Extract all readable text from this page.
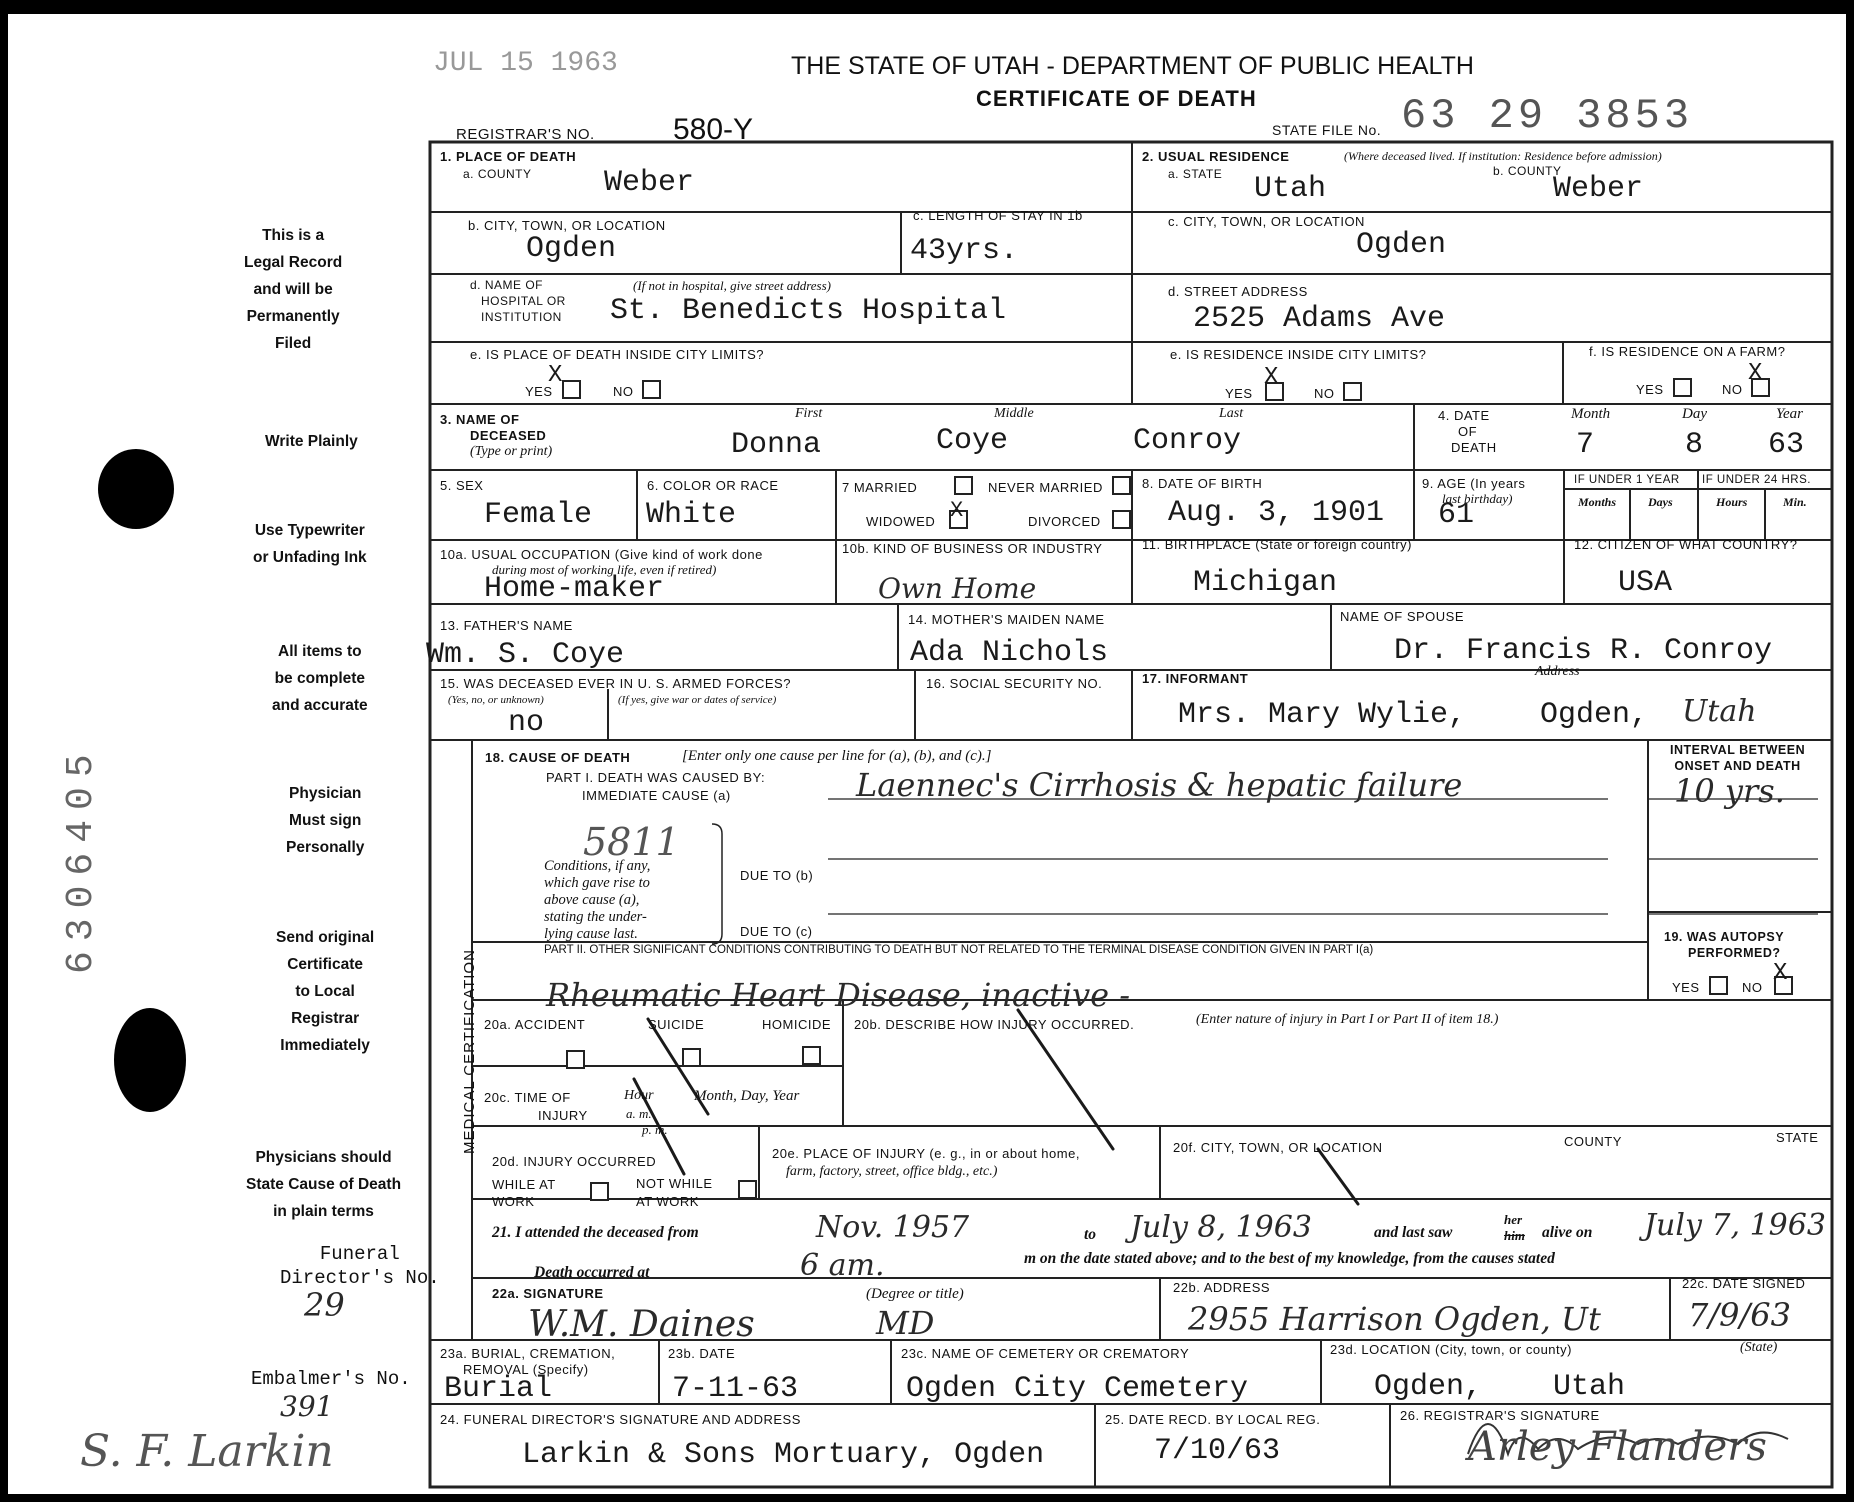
JUL 15 1963	THE STATE OF UTAH - DEPARTMENT OF PUBLIC HEALTH
CERTIFICATE OF DEATH
REGISTRAR'S NO.	580-Y	STATE FILE No. 63 29 3853
This is a
Legal Record
and will be
Permanently
Filed
Write Plainly
Use Typewriter
or Unfading Ink
All items to
be complete
and accurate
Physician
Must sign
Personally
Send original
Certificate
to Local
Registrar
Immediately
Physicians should
State Cause of Death
in plain terms
Funeral
Director's No.
29
Embalmer's No.
391
S. F. Larkin
6306405
1. PLACE OF DEATH
a. COUNTY Weber
b. CITY, TOWN, OR LOCATION
Ogden
c. LENGTH OF STAY IN 1b
43yrs.
d. NAME OF
HOSPITAL OR
INSTITUTION
(If not in hospital, give street address)
St. Benedicts Hospital
e. IS PLACE OF DEATH INSIDE CITY LIMITS?
YES
X
NO
2. USUAL RESIDENCE	(Where deceased lived. If institution: Residence before admission)
a. STATE Utah
b. COUNTY
Weber
c. CITY, TOWN, OR LOCATION
Ogden
d. STREET ADDRESS
2525 Adams Ave
e. IS RESIDENCE INSIDE CITY LIMITS?
YES
X
NO
f. IS RESIDENCE ON A FARM?
YES	NO
X
3. NAME OF
DECEASED
(Type or print)
First	Middle	Last
Donna	Coye	Conroy
4. DATE
OF
DEATH
Month	Day	Year
7	8 63
5. SEX
Female
6. COLOR OR RACE
White
7 MARRIED	NEVER MARRIED
WIDOWED X	DIVORCED
8. DATE OF BIRTH
Aug. 3, 1901
9. AGE (In years
last birthday)
61
IF UNDER 1 YEAR IF UNDER 24 HRS.
Months	Days	Hours	Min.
10a. USUAL OCCUPATION (Give kind of work done
during most of working life, even if retired)
Home-maker
10b. KIND OF BUSINESS OR INDUSTRY
Own Home
11. BIRTHPLACE (State or foreign country)
Michigan
12. CITIZEN OF WHAT COUNTRY?
USA
13. FATHER'S NAME
Wm. S. Coye
14. MOTHER'S MAIDEN NAME
Ada Nichols
NAME OF SPOUSE
Dr. Francis R. Conroy
15. WAS DECEASED EVER IN U. S. ARMED FORCES?
(Yes, no, or unknown)	(If yes, give war or dates of service)
no
16. SOCIAL SECURITY NO.	17. INFORMANT	Address
Mrs. Mary Wylie, Ogden, Utah
MEDICAL CERTIFICATION
18. CAUSE OF DEATH	[Enter only one cause per line for (a), (b), and (c).]
PART I. DEATH WAS CAUSED BY:
IMMEDIATE CAUSE (a)	Laennec's Cirrhosis & hepatic failure
5811
Conditions, if any,
which gave rise to
above cause (a),
stating the under-
lying cause last.
DUE TO (b)
DUE TO (c)
PART II. OTHER SIGNIFICANT CONDITIONS CONTRIBUTING TO DEATH BUT NOT RELATED TO THE TERMINAL DISEASE CONDITION GIVEN IN PART I(a)
Rheumatic Heart Disease, inactive -
INTERVAL BETWEEN
ONSET AND DEATH
10 yrs.
19. WAS AUTOPSY
PERFORMED?
YES	NO
X
20a. ACCIDENT	SUICIDE	HOMICIDE 20b. DESCRIBE HOW INJURY OCCURRED.	(Enter nature of injury in Part I or Part II of item 18.)
20c. TIME OF
INJURY
Hour
a. m.
p. m.
Month, Day, Year
20d. INJURY OCCURRED
WHILE AT
WORK
NOT WHILE
AT WORK
20e. PLACE OF INJURY (e. g., in or about home,
farm, factory, street, office bldg., etc.)
20f. CITY, TOWN, OR LOCATION	COUNTY	STATE
21. I attended the deceased from	Nov. 1957	to July 8, 1963	and last saw
her
him alive on July 7, 1963
Death occurred at	6 am.	m on the date stated above; and to the best of my knowledge, from the causes stated
22a. SIGNATURE	(Degree or title)
W.M. Daines	MD
22b. ADDRESS
2955 Harrison Ogden, Ut
22c. DATE SIGNED
7/9/63
(State)
23a. BURIAL, CREMATION,
REMOVAL (Specify)
Burial
23b. DATE
7-11-63
23c. NAME OF CEMETERY OR CREMATORY
Ogden City Cemetery
23d. LOCATION (City, town, or county)
Ogden, Utah
24. FUNERAL DIRECTOR'S SIGNATURE AND ADDRESS
Larkin & Sons Mortuary, Ogden
25. DATE RECD. BY LOCAL REG.
7/10/63
26. REGISTRAR'S SIGNATURE
Arley Flanders
